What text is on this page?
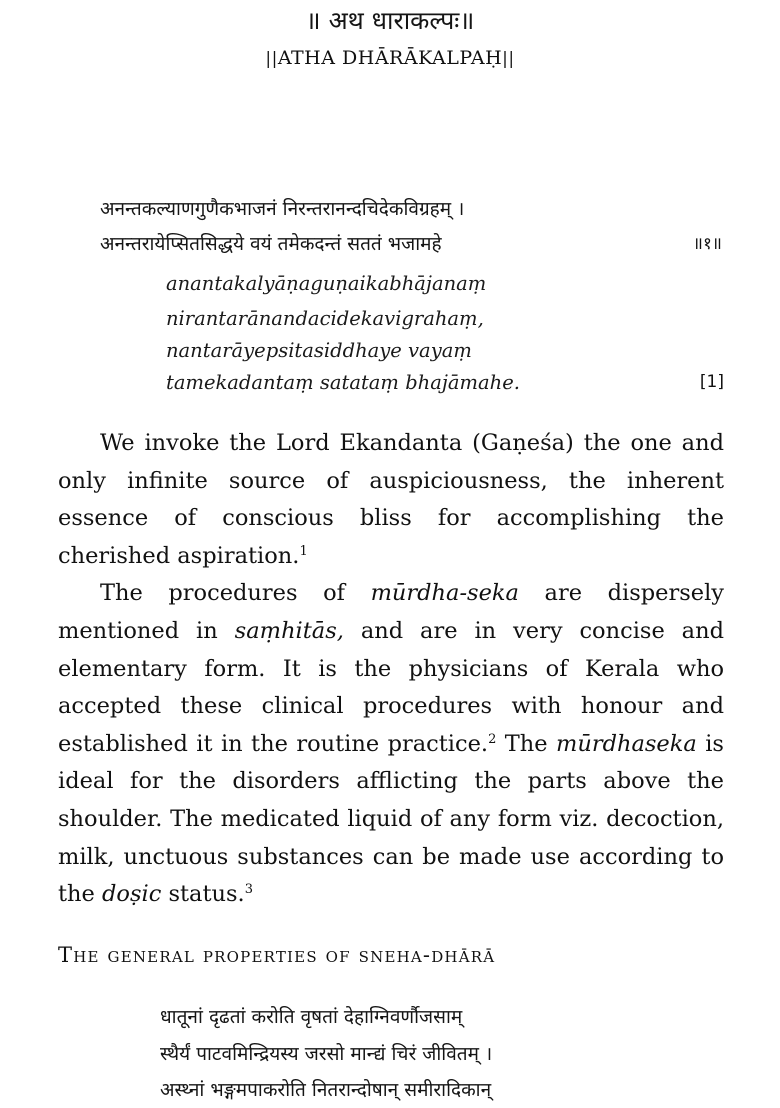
॥ अथ धाराकल्पः॥
||ATHA DHĀRĀKALPAḤ||
अनन्तकल्याणगुणैकभाजनं निरन्तरानन्दचिदेकविग्रहम् ।
अनन्तरायेप्सितसिद्धये वयं तमेकदन्तं सततं भजामहे	॥१॥
anantakalyāṇaguṇaikabhājanaṃ
nirantarānandacidekavigrahaṃ,
nantarāyepsitasiddhaye vayaṃ
tamekadantaṃ satataṃ bhajāmahe.	[1]

We invoke the Lord Ekandanta (Gaṇeśa) the one and only infinite source of auspiciousness, the inherent essence of conscious bliss for accomplishing the cherished aspiration.$^1$

The procedures of mūrdha-seka are dispersely mentioned in saṃhitās, and are in very concise and elementary form. It is the physicians of Kerala who accepted these clinical procedures with honour and established it in the routine practice.$^2$ The mūrdhaseka is ideal for the disorders afflicting the parts above the shoulder. The medicated liquid of any form viz. decoction, milk, unctuous substances can be made use according to the doṣic status.$^3$

The general properties of sneha-dhārā
धातूनां दृढतां करोति वृषतां देहाग्निवर्णौजसाम्
स्थैर्यं पाटवमिन्द्रियस्य जरसो मान्द्यं चिरं जीवितम् ।
अस्थ्नां भङ्गमपाकरोति नितरान्दोषान् समीरादिकान्
